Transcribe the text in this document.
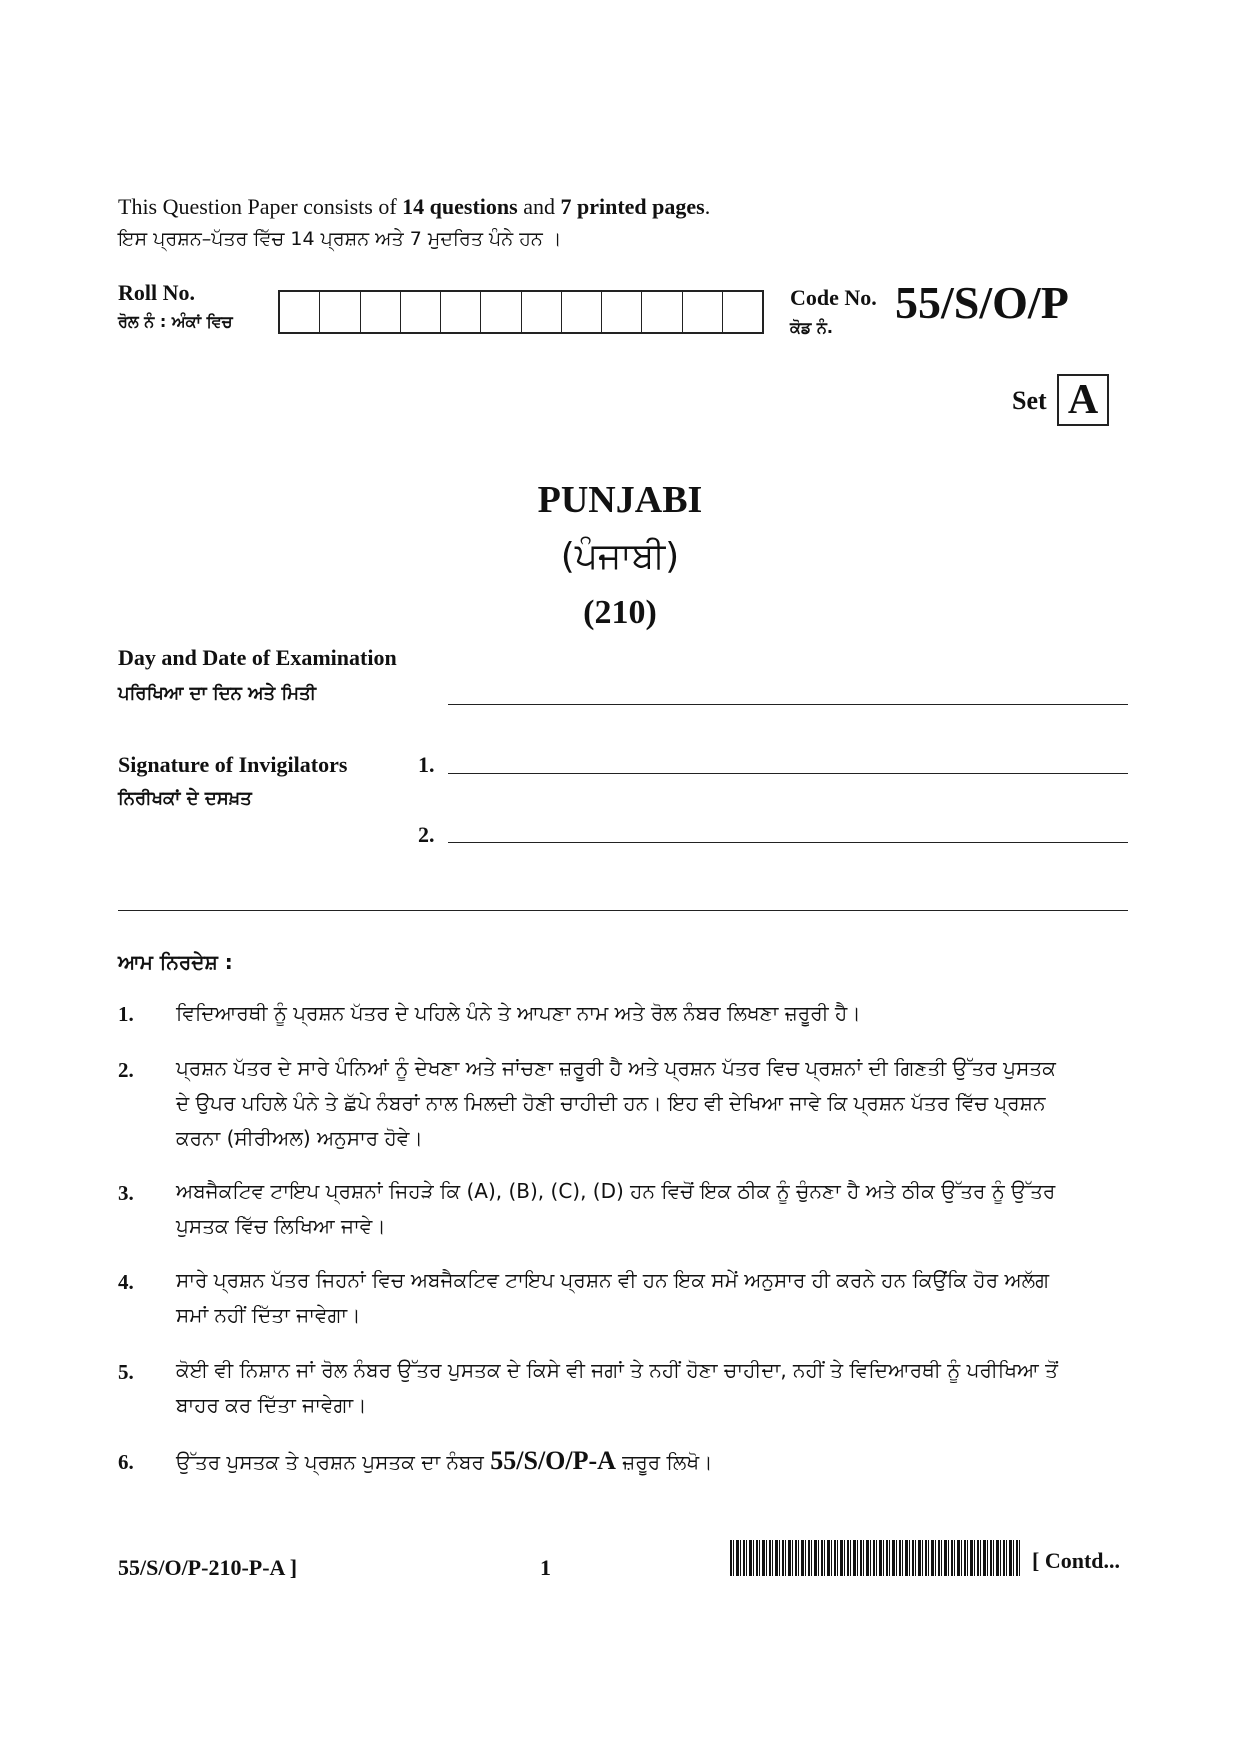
This Question Paper consists of 14 questions and 7 printed pages.
ਇਸ ਪ੍ਰਸ਼ਨ–ਪੱਤਰ ਵਿੱਚ 14 ਪ੍ਰਸ਼ਨ ਅਤੇ 7 ਮੁਦਰਿਤ ਪੰਨੇ ਹਨ ।
Roll No.
ਰੋਲ ਨੰ : ਅੰਕਾਂ ਵਿਚ
Code No.
ਕੋਡ ਨੰ. 55/S/O/P
Set A
PUNJABI
(ਪੰਜਾਬੀ)
(210)
Day and Date of Examination
ਪਰਿਖਿਆ ਦਾ ਦਿਨ ਅਤੇ ਮਿਤੀ
Signature of Invigilators
ਨਿਰੀਖਕਾਂ ਦੇ ਦਸਖ਼ਤ
1.
2.
ਆਮ ਨਿਰਦੇਸ਼ :
1. ਵਿਦਿਆਰਥੀ ਨੂੰ ਪ੍ਰਸ਼ਨ ਪੱਤਰ ਦੇ ਪਹਿਲੇ ਪੰਨੇ ਤੇ ਆਪਣਾ ਨਾਮ ਅਤੇ ਰੋਲ ਨੰਬਰ ਲਿਖਣਾ ਜ਼ਰੂਰੀ ਹੈ।
2. ਪ੍ਰਸ਼ਨ ਪੱਤਰ ਦੇ ਸਾਰੇ ਪੰਨਿਆਂ ਨੂੰ ਦੇਖਣਾ ਅਤੇ ਜਾਂਚਣਾ ਜ਼ਰੂਰੀ ਹੈ ਅਤੇ ਪ੍ਰਸ਼ਨ ਪੱਤਰ ਵਿਚ ਪ੍ਰਸ਼ਨਾਂ ਦੀ ਗਿਣਤੀ ਉੱਤਰ ਪੁਸਤਕ ਦੇ ਉਪਰ ਪਹਿਲੇ ਪੰਨੇ ਤੇ ਛੱਪੇ ਨੰਬਰਾਂ ਨਾਲ ਮਿਲਦੀ ਹੋਣੀ ਚਾਹੀਦੀ ਹਨ। ਇਹ ਵੀ ਦੇਖਿਆ ਜਾਵੇ ਕਿ ਪ੍ਰਸ਼ਨ ਪੱਤਰ ਵਿੱਚ ਪ੍ਰਸ਼ਨ ਕਰਨਾ (ਸੀਰੀਅਲ) ਅਨੁਸਾਰ ਹੋਵੇ।
3. ਅਬਜੈਕਟਿਵ ਟਾਇਪ ਪ੍ਰਸ਼ਨਾਂ ਜਿਹੜੇ ਕਿ (A), (B), (C), (D) ਹਨ ਵਿਚੋਂ ਇਕ ਠੀਕ ਨੂੰ ਚੁੰਨਣਾ ਹੈ ਅਤੇ ਠੀਕ ਉੱਤਰ ਨੂੰ ਉੱਤਰ ਪੁਸਤਕ ਵਿੱਚ ਲਿਖਿਆ ਜਾਵੇ।
4. ਸਾਰੇ ਪ੍ਰਸ਼ਨ ਪੱਤਰ ਜਿਹਨਾਂ ਵਿਚ ਅਬਜੈਕਟਿਵ ਟਾਇਪ ਪ੍ਰਸ਼ਨ ਵੀ ਹਨ ਇਕ ਸਮੇਂ ਅਨੁਸਾਰ ਹੀ ਕਰਨੇ ਹਨ ਕਿਉਂਕਿ ਹੋਰ ਅਲੱਗ ਸਮਾਂ ਨਹੀਂ ਦਿੱਤਾ ਜਾਵੇਗਾ।
5. ਕੋਈ ਵੀ ਨਿਸ਼ਾਨ ਜਾਂ ਰੋਲ ਨੰਬਰ ਉੱਤਰ ਪੁਸਤਕ ਦੇ ਕਿਸੇ ਵੀ ਜਗਾਂ ਤੇ ਨਹੀਂ ਹੋਣਾ ਚਾਹੀਦਾ, ਨਹੀਂ ਤੇ ਵਿਦਿਆਰਥੀ ਨੂੰ ਪਰੀਖਿਆ ਤੋਂ ਬਾਹਰ ਕਰ ਦਿੱਤਾ ਜਾਵੇਗਾ।
6. ਉੱਤਰ ਪੁਸਤਕ ਤੇ ਪ੍ਰਸ਼ਨ ਪੁਸਤਕ ਦਾ ਨੰਬਰ 55/S/O/P-A ਜ਼ਰੂਰ ਲਿਖੋ।
55/S/O/P-210-P-A ]	1	[ Contd...
